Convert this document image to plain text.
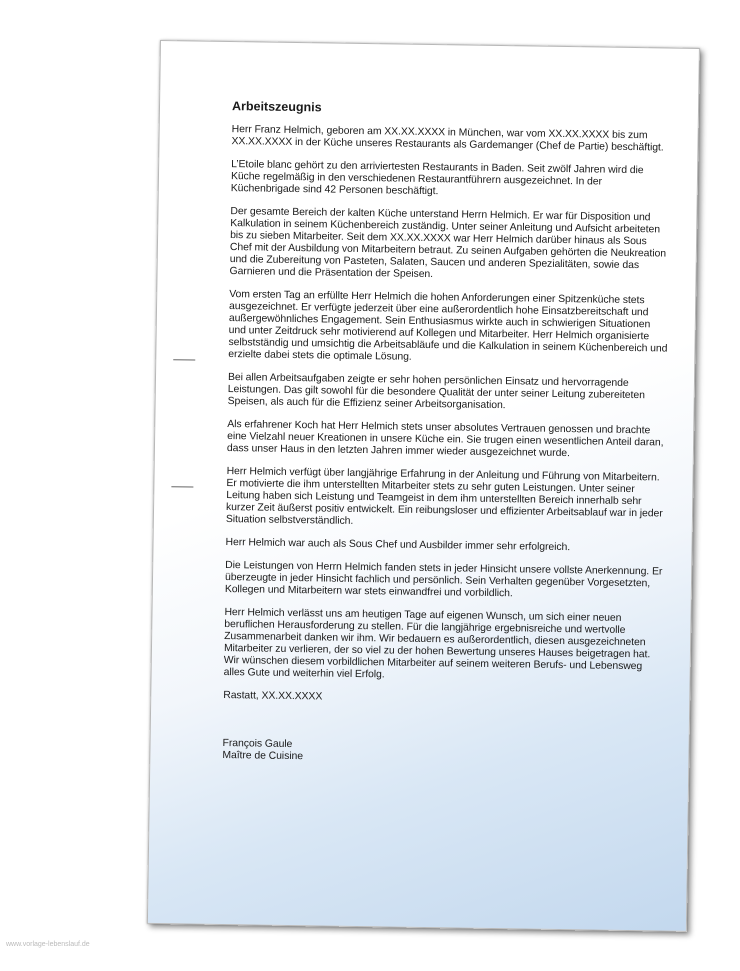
Arbeitszeugnis

Herr Franz Helmich, geboren am XX.XX.XXXX in München, war vom XX.XX.XXXX bis zum XX.XX.XXXX in der Küche unseres Restaurants als Gardemanger (Chef de Partie) beschäftigt.

L’Etoile blanc gehört zu den arriviertesten Restaurants in Baden. Seit zwölf Jahren wird die Küche regelmäßig in den verschiedenen Restaurantführern ausgezeichnet. In der Küchenbrigade sind 42 Personen beschäftigt.

Der gesamte Bereich der kalten Küche unterstand Herrn Helmich. Er war für Disposition und Kalkulation in seinem Küchenbereich zuständig. Unter seiner Anleitung und Aufsicht arbeiteten bis zu sieben Mitarbeiter. Seit dem XX.XX.XXXX war Herr Helmich darüber hinaus als Sous Chef mit der Ausbildung von Mitarbeitern betraut. Zu seinen Aufgaben gehörten die Neukreation und die Zubereitung von Pasteten, Salaten, Saucen und anderen Spezialitäten, sowie das Garnieren und die Präsentation der Speisen.

Vom ersten Tag an erfüllte Herr Helmich die hohen Anforderungen einer Spitzenküche stets ausgezeichnet. Er verfügte jederzeit über eine außerordentlich hohe Einsatzbereitschaft und außergewöhnliches Engagement. Sein Enthusiasmus wirkte auch in schwierigen Situationen und unter Zeitdruck sehr motivierend auf Kollegen und Mitarbeiter. Herr Helmich organisierte selbstständig und umsichtig die Arbeitsabläufe und die Kalkulation in seinem Küchenbereich und erzielte dabei stets die optimale Lösung.

Bei allen Arbeitsaufgaben zeigte er sehr hohen persönlichen Einsatz und hervorragende Leistungen. Das gilt sowohl für die besondere Qualität der unter seiner Leitung zubereiteten Speisen, als auch für die Effizienz seiner Arbeitsorganisation.

Als erfahrener Koch hat Herr Helmich stets unser absolutes Vertrauen genossen und brachte eine Vielzahl neuer Kreationen in unsere Küche ein. Sie trugen einen wesentlichen Anteil daran, dass unser Haus in den letzten Jahren immer wieder ausgezeichnet wurde.

Herr Helmich verfügt über langjährige Erfahrung in der Anleitung und Führung von Mitarbeitern. Er motivierte die ihm unterstellten Mitarbeiter stets zu sehr guten Leistungen. Unter seiner Leitung haben sich Leistung und Teamgeist in dem ihm unterstellten Bereich innerhalb sehr kurzer Zeit äußerst positiv entwickelt. Ein reibungsloser und effizienter Arbeitsablauf war in jeder Situation selbstverständlich.

Herr Helmich war auch als Sous Chef und Ausbilder immer sehr erfolgreich.

Die Leistungen von Herrn Helmich fanden stets in jeder Hinsicht unsere vollste Anerkennung. Er überzeugte in jeder Hinsicht fachlich und persönlich. Sein Verhalten gegenüber Vorgesetzten, Kollegen und Mitarbeitern war stets einwandfrei und vorbildlich.

Herr Helmich verlässt uns am heutigen Tage auf eigenen Wunsch, um sich einer neuen beruflichen Herausforderung zu stellen. Für die langjährige ergebnisreiche und wertvolle Zusammenarbeit danken wir ihm. Wir bedauern es außerordentlich, diesen ausgezeichneten Mitarbeiter zu verlieren, der so viel zu der hohen Bewertung unseres Hauses beigetragen hat. Wir wünschen diesem vorbildlichen Mitarbeiter auf seinem weiteren Berufs- und Lebensweg alles Gute und weiterhin viel Erfolg.

Rastatt, XX.XX.XXXX

François Gaule

Maître de Cuisine

www.vorlage-lebenslauf.de
